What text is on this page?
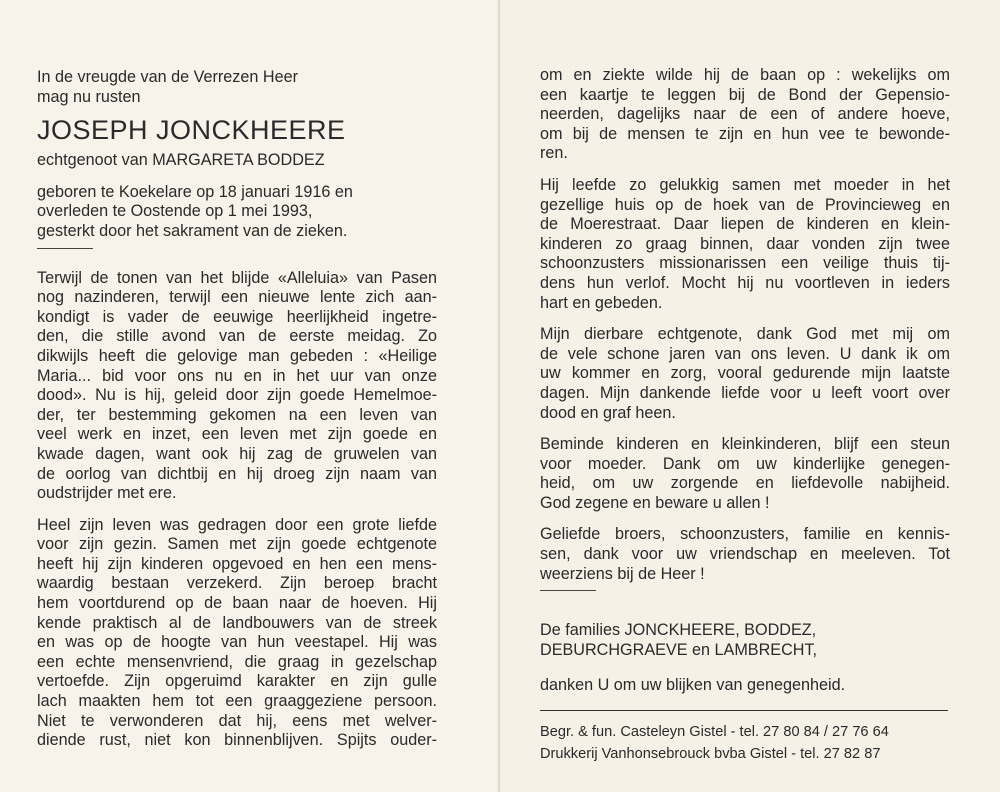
In de vreugde van de Verrezen Heer
mag nu rusten
JOSEPH JONCKHEERE
echtgenoot van MARGARETA BODDEZ
geboren te Koekelare op 18 januari 1916 en
overleden te Oostende op 1 mei 1993,
gesterkt door het sakrament van de zieken.
Terwijl de tonen van het blijde «Alleluia» van Pasen
nog nazinderen, terwijl een nieuwe lente zich aan-
kondigt is vader de eeuwige heerlijkheid ingetre-
den, die stille avond van de eerste meidag. Zo
dikwijls heeft die gelovige man gebeden : «Heilige
Maria... bid voor ons nu en in het uur van onze
dood». Nu is hij, geleid door zijn goede Hemelmoe-
der, ter bestemming gekomen na een leven van
veel werk en inzet, een leven met zijn goede en
kwade dagen, want ook hij zag de gruwelen van
de oorlog van dichtbij en hij droeg zijn naam van
oudstrijder met ere.
Heel zijn leven was gedragen door een grote liefde
voor zijn gezin. Samen met zijn goede echtgenote
heeft hij zijn kinderen opgevoed en hen een mens-
waardig bestaan verzekerd. Zijn beroep bracht
hem voortdurend op de baan naar de hoeven. Hij
kende praktisch al de landbouwers van de streek
en was op de hoogte van hun veestapel. Hij was
een echte mensenvriend, die graag in gezelschap
vertoefde. Zijn opgeruimd karakter en zijn gulle
lach maakten hem tot een graaggeziene persoon.
Niet te verwonderen dat hij, eens met welver-
diende rust, niet kon binnenblijven. Spijts ouder-
om en ziekte wilde hij de baan op : wekelijks om
een kaartje te leggen bij de Bond der Gepensio-
neerden, dagelijks naar de een of andere hoeve,
om bij de mensen te zijn en hun vee te bewonde-
ren.
Hij leefde zo gelukkig samen met moeder in het
gezellige huis op de hoek van de Provincieweg en
de Moerestraat. Daar liepen de kinderen en klein-
kinderen zo graag binnen, daar vonden zijn twee
schoonzusters missionarissen een veilige thuis tij-
dens hun verlof. Mocht hij nu voortleven in ieders
hart en gebeden.
Mijn dierbare echtgenote, dank God met mij om
de vele schone jaren van ons leven. U dank ik om
uw kommer en zorg, vooral gedurende mijn laatste
dagen. Mijn dankende liefde voor u leeft voort over
dood en graf heen.
Beminde kinderen en kleinkinderen, blijf een steun
voor moeder. Dank om uw kinderlijke genegen-
heid, om uw zorgende en liefdevolle nabijheid.
God zegene en beware u allen !
Geliefde broers, schoonzusters, familie en kennis-
sen, dank voor uw vriendschap en meeleven. Tot
weerziens bij de Heer !
De families JONCKHEERE, BODDEZ,
DEBURCHGRAEVE en LAMBRECHT,
danken U om uw blijken van genegenheid.
Begr. & fun. Casteleyn Gistel - tel. 27 80 84 / 27 76 64
Drukkerij Vanhonsebrouck bvba Gistel - tel. 27 82 87
